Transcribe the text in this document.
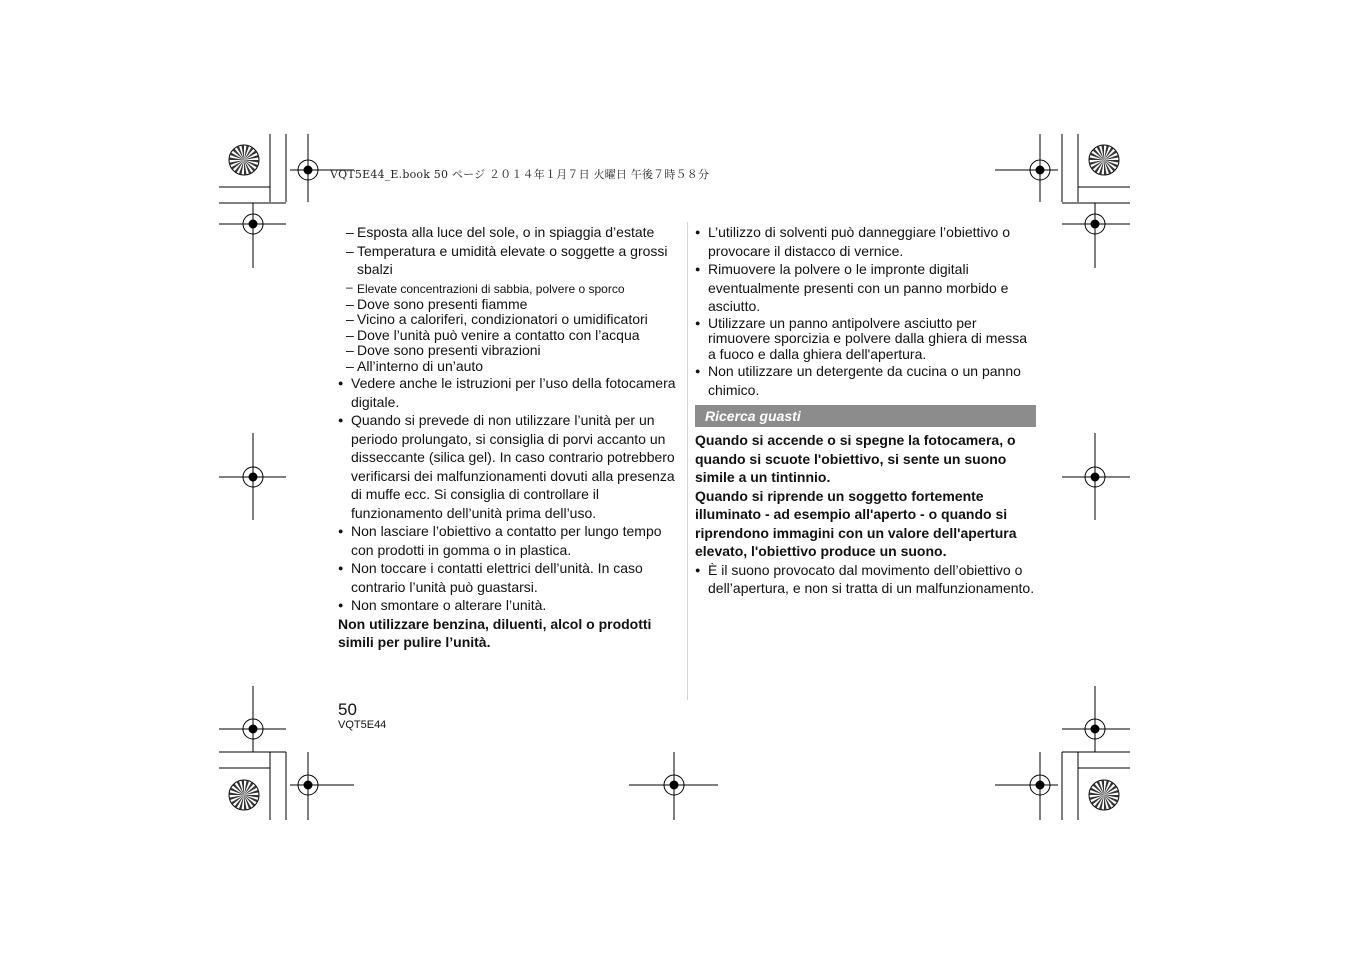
VQT5E44_E.book 50 ページ ２０１４年１月７日 火曜日 午後７時５８分
– Esposta alla luce del sole, o in spiaggia d’estate
– Temperatura e umidità elevate o soggette a grossi sbalzi
– Elevate concentrazioni di sabbia, polvere o sporco
– Dove sono presenti fiamme
– Vicino a caloriferi, condizionatori o umidificatori
– Dove l’unità può venire a contatto con l’acqua
– Dove sono presenti vibrazioni
– All’interno di un’auto
● Vedere anche le istruzioni per l’uso della fotocamera digitale.
● Quando si prevede di non utilizzare l’unità per un periodo prolungato, si consiglia di porvi accanto un disseccante (silica gel). In caso contrario potrebbero verificarsi dei malfunzionamenti dovuti alla presenza di muffe ecc. Si consiglia di controllare il funzionamento dell’unità prima dell’uso.
● Non lasciare l’obiettivo a contatto per lungo tempo con prodotti in gomma o in plastica.
● Non toccare i contatti elettrici dell’unità. In caso contrario l’unità può guastarsi.
● Non smontare o alterare l’unità.
Non utilizzare benzina, diluenti, alcol o prodotti simili per pulire l’unità.
● L’utilizzo di solventi può danneggiare l’obiettivo o provocare il distacco di vernice.
● Rimuovere la polvere o le impronte digitali eventualmente presenti con un panno morbido e asciutto.
● Utilizzare un panno antipolvere asciutto per rimuovere sporcizia e polvere dalla ghiera di messa a fuoco e dalla ghiera dell'apertura.
● Non utilizzare un detergente da cucina o un panno chimico.
Ricerca guasti
Quando si accende o si spegne la fotocamera, o quando si scuote l'obiettivo, si sente un suono simile a un tintinnio.
Quando si riprende un soggetto fortemente illuminato - ad esempio all'aperto - o quando si riprendono immagini con un valore dell'apertura elevato, l'obiettivo produce un suono.
● È il suono provocato dal movimento dell’obiettivo o dell’apertura, e non si tratta di un malfunzionamento.
50
VQT5E44
